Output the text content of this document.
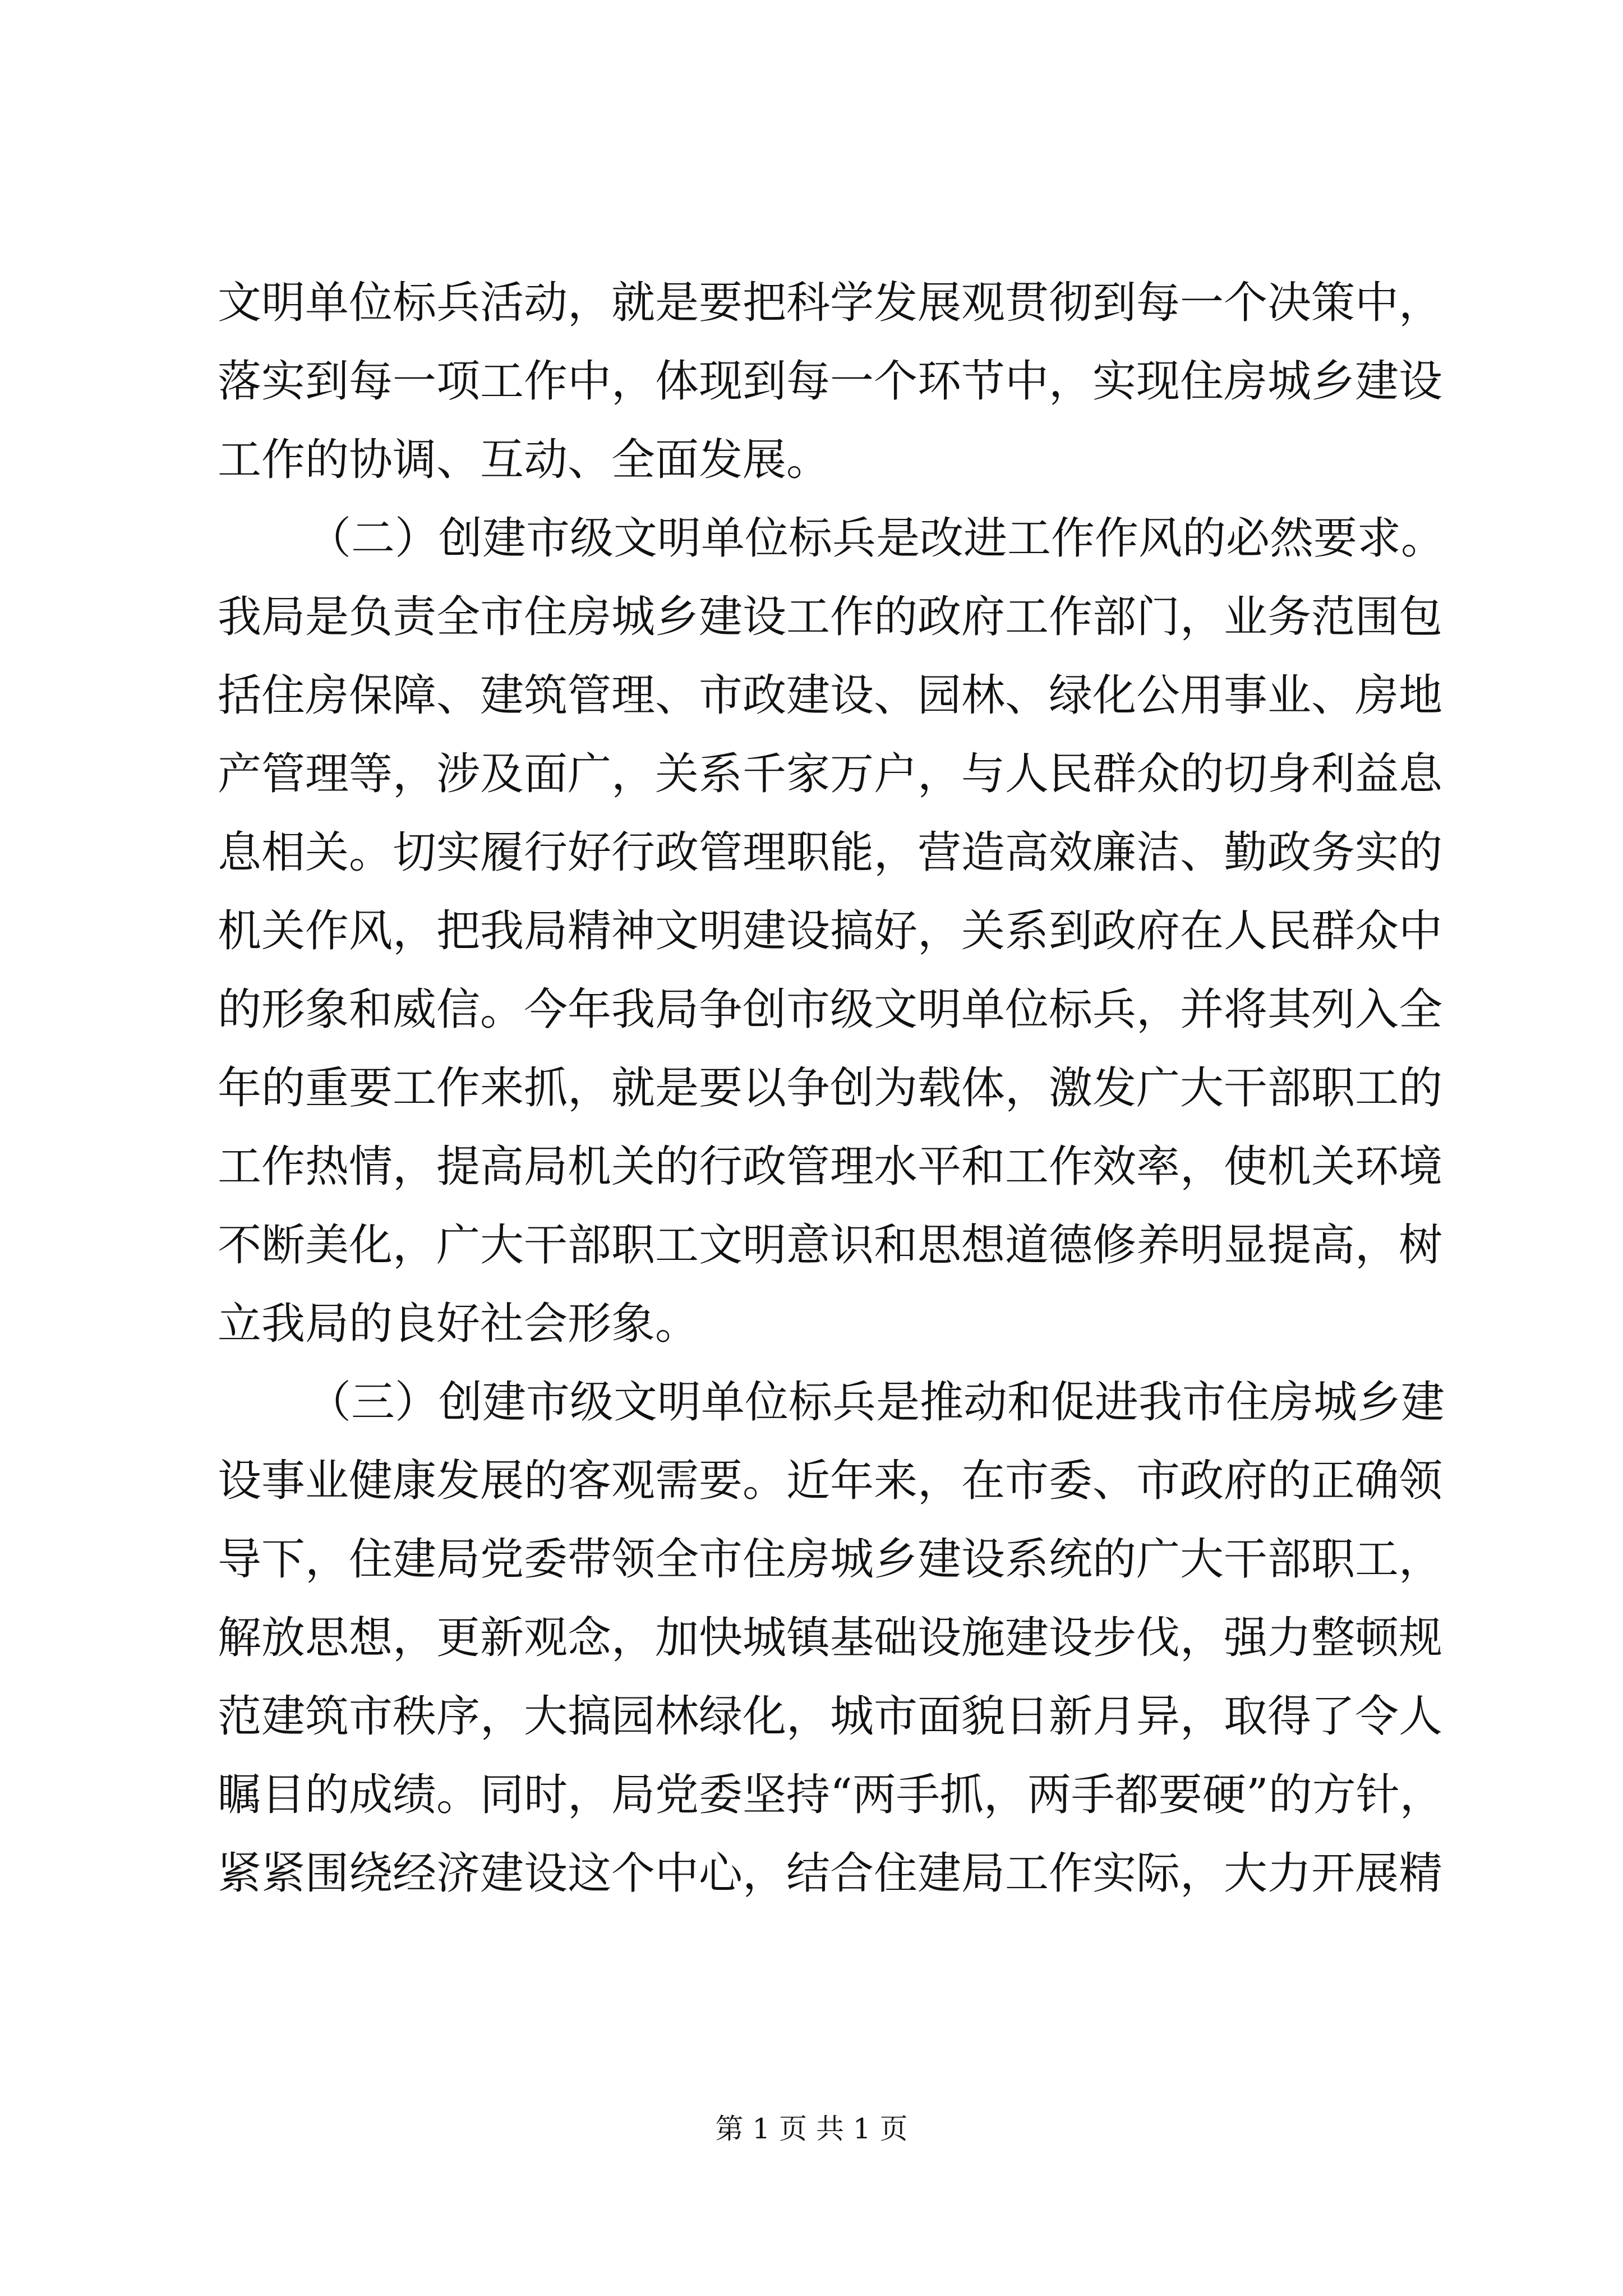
文明单位标兵活动，就是要把科学发展观贯彻到每一个决策中，
落实到每一项工作中，体现到每一个环节中，实现住房城乡建设
工作的协调、互动、全面发展。
（二）创建市级文明单位标兵是改进工作作风的必然要求。
我局是负责全市住房城乡建设工作的政府工作部门，业务范围包
括住房保障、建筑管理、市政建设、园林、绿化公用事业、房地
产管理等，涉及面广，关系千家万户，与人民群众的切身利益息
息相关。切实履行好行政管理职能，营造高效廉洁、勤政务实的
机关作风，把我局精神文明建设搞好，关系到政府在人民群众中
的形象和威信。今年我局争创市级文明单位标兵，并将其列入全
年的重要工作来抓，就是要以争创为载体，激发广大干部职工的
工作热情，提高局机关的行政管理水平和工作效率，使机关环境
不断美化，广大干部职工文明意识和思想道德修养明显提高，树
立我局的良好社会形象。
（三）创建市级文明单位标兵是推动和促进我市住房城乡建
设事业健康发展的客观需要。近年来，在市委、市政府的正确领
导下，住建局党委带领全市住房城乡建设系统的广大干部职工，
解放思想，更新观念，加快城镇基础设施建设步伐，强力整顿规
范建筑市秩序，大搞园林绿化，城市面貌日新月异，取得了令人
瞩目的成绩。同时，局党委坚持“两手抓，两手都要硬”的方针，
紧紧围绕经济建设这个中心，结合住建局工作实际，大力开展精
第 1 页 共 1 页
